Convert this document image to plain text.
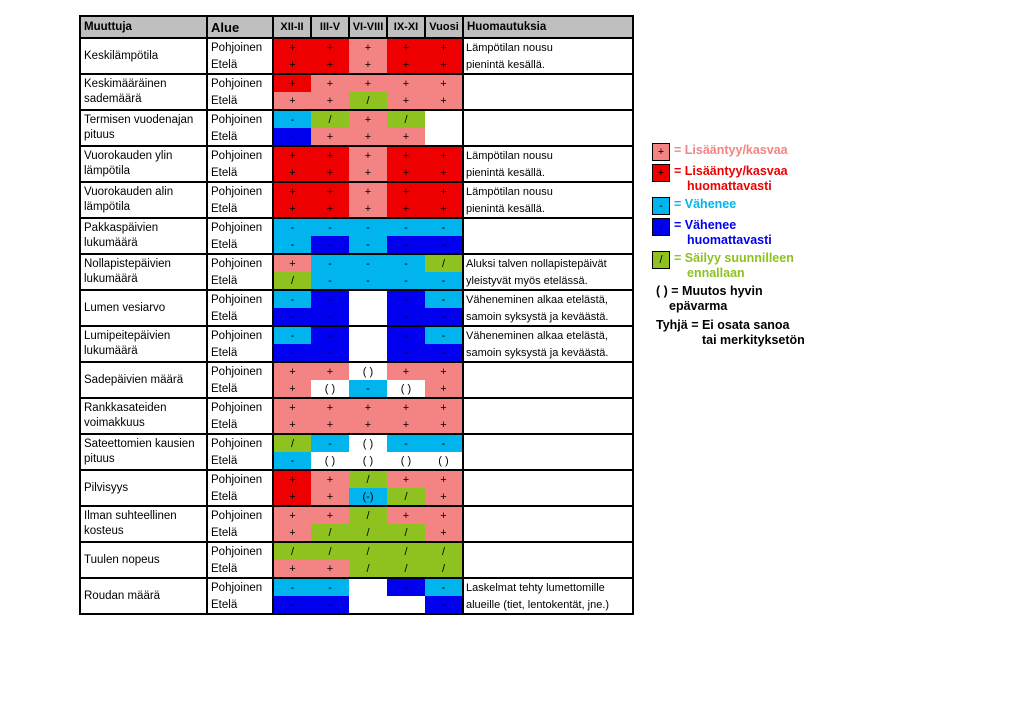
Muuttuja	Alue	XII-II	III-V	VI-VIII	IX-XI	Vuosi	Huomautuksia
Keskilämpötila	Pohjoinen	+	+	+	+	+	Lämpötilan nousu
	Etelä	+	+	+	+	+	pienintä kesällä.
Keskimääräinen sademäärä	Pohjoinen	+	+	+	+	+	
	Etelä	+	+	/	+	+	
Termisen vuodenajan pituus	Pohjoinen	-	/	+	/		
	Etelä	-	+	+	+		
Vuorokauden ylin lämpötila	Pohjoinen	+	+	+	+	+	Lämpötilan nousu
	Etelä	+	+	+	+	+	pienintä kesällä.
Vuorokauden alin lämpötila	Pohjoinen	+	+	+	+	+	Lämpötilan nousu
	Etelä	+	+	+	+	+	pienintä kesällä.
Pakkaspäivien lukumäärä	Pohjoinen	-	-	-	-	-	
	Etelä	-	-	-	-	-	
Nollapistepäivien lukumäärä	Pohjoinen	+	-	-	-	/	Aluksi talven nollapistepäivät
	Etelä	/	-	-	-	-	yleistyvät myös etelässä.
Lumen vesiarvo	Pohjoinen	-	-		-	-	Väheneminen alkaa etelästä,
	Etelä	-	-		-	-	samoin syksystä ja keväästä.
Lumipeitepäivien lukumäärä	Pohjoinen	-	-		-	-	Väheneminen alkaa etelästä,
	Etelä	-	-		-	-	samoin syksystä ja keväästä.
Sadepäivien määrä	Pohjoinen	+	+	( )	+	+	
	Etelä	+	( )	-	( )	+	
Rankkasateiden voimakkuus	Pohjoinen	+	+	+	+	+	
	Etelä	+	+	+	+	+	
Sateettomien kausien pituus	Pohjoinen	/	-	( )	-	-	
	Etelä	-	( )	( )	( )	( )	
Pilvisyys	Pohjoinen	+	+	/	+	+	
	Etelä	+	+	(-)	/	+	
Ilman suhteellinen kosteus	Pohjoinen	+	+	/	+	+	
	Etelä	+	/	/	/	+	
Tuulen nopeus	Pohjoinen	/	/	/	/	/	
	Etelä	+	+	/	/	/	
Roudan määrä	Pohjoinen	-	-		-	-	Laskelmat tehty lumettomille
	Etelä	-	-			-	alueille (tiet, lentokentät, jne.)
+ = Lisääntyy/kasvaa
+ = Lisääntyy/kasvaa
huomattavasti
- = Vähenee
- = Vähenee
huomattavasti
/ = Säilyy suunnilleen
ennallaan
( ) = Muutos hyvin
epävarma
Tyhjä = Ei osata sanoa
tai merkityksetön
